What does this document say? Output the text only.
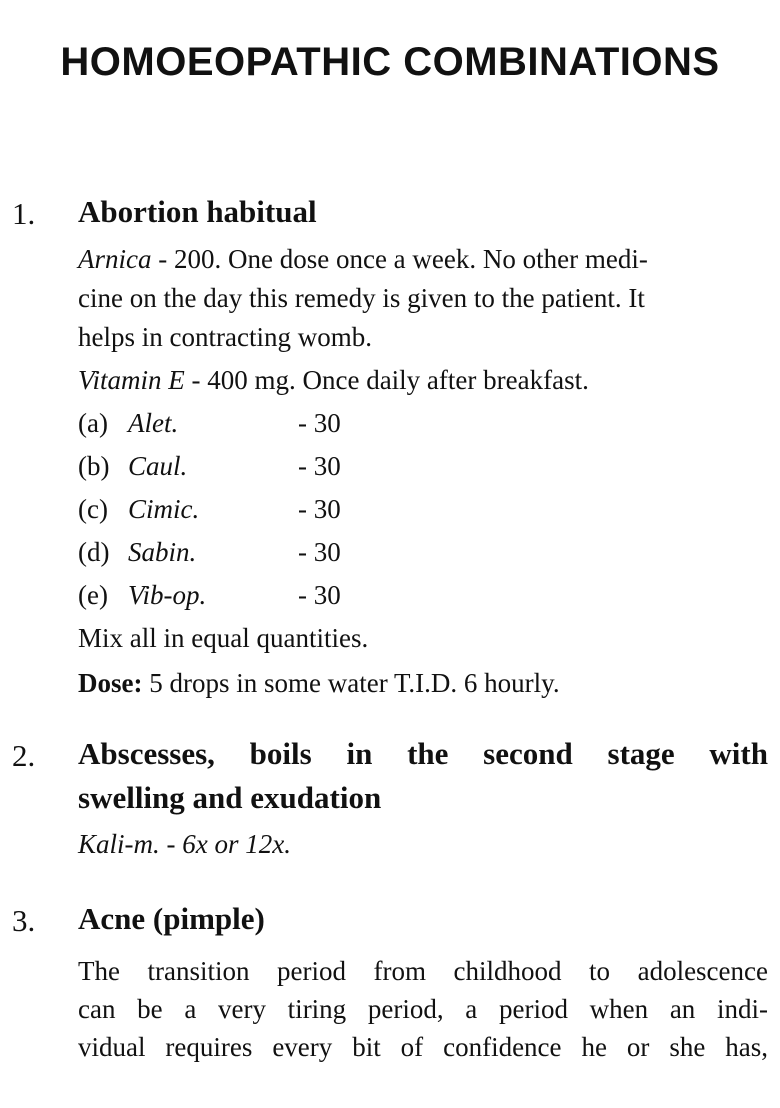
HOMOEOPATHIC COMBINATIONS
1. Abortion habitual
Arnica - 200. One dose once a week. No other medi-
cine on the day this remedy is given to the patient. It
helps in contracting womb.
Vitamin E - 400 mg. Once daily after breakfast.
(a) Alet.	- 30
(b) Caul.	- 30
(c) Cimic.	- 30
(d) Sabin.	- 30
(e) Vib-op.	- 30
Mix all in equal quantities.
Dose: 5 drops in some water T.I.D. 6 hourly.
2. Abscesses, boils in the second stage with
swelling and exudation
Kali-m. - 6x or 12x.
3. Acne (pimple)
The transition period from childhood to adolescence
can be a very tiring period, a period when an indi-
vidual requires every bit of confidence he or she has,
